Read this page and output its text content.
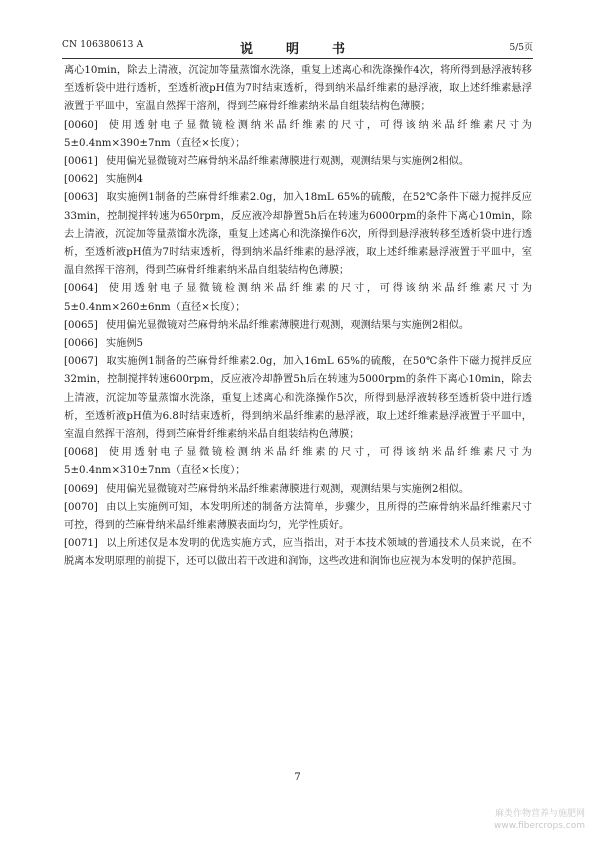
CN 106380613 A	说　明　书	5/5页

离心10min，除去上清液，沉淀加等量蒸馏水洗涤，重复上述离心和洗涤操作4次，将所得到悬浮液转移至透析袋中进行透析，至透析液pH值为7时结束透析，得到纳米晶纤维素的悬浮液，取上述纤维素悬浮液置于平皿中，室温自然挥干溶剂，得到苎麻骨纤维素纳米晶自组装结构色薄膜；

[0060] 使用透射电子显微镜检测纳米晶纤维素的尺寸，可得该纳米晶纤维素尺寸为5±0.4nm×390±7nm（直径×长度）；

[0061] 使用偏光显微镜对苎麻骨纳米晶纤维素薄膜进行观测，观测结果与实施例2相似。

[0062] 实施例4

[0063] 取实施例1制备的苎麻骨纤维素2.0g，加入18mL 65%的硫酸，在52℃条件下磁力搅拌反应33min，控制搅拌转速为650rpm，反应液冷却静置5h后在转速为6000rpm的条件下离心10min，除去上清液，沉淀加等量蒸馏水洗涤，重复上述离心和洗涤操作6次，所得到悬浮液转移至透析袋中进行透析，至透析液pH值为7时结束透析，得到纳米晶纤维素的悬浮液，取上述纤维素悬浮液置于平皿中，室温自然挥干溶剂，得到苎麻骨纤维素纳米晶自组装结构色薄膜；

[0064] 使用透射电子显微镜检测纳米晶纤维素的尺寸，可得该纳米晶纤维素尺寸为5±0.4nm×260±6nm（直径×长度）；

[0065] 使用偏光显微镜对苎麻骨纳米晶纤维素薄膜进行观测，观测结果与实施例2相似。

[0066] 实施例5

[0067] 取实施例1制备的苎麻骨纤维素2.0g，加入16mL 65%的硫酸，在50℃条件下磁力搅拌反应32min，控制搅拌转速600rpm，反应液冷却静置5h后在转速为5000rpm的条件下离心10min，除去上清液，沉淀加等量蒸馏水洗涤，重复上述离心和洗涤操作5次，所得到悬浮液转移至透析袋中进行透析，至透析液pH值为6.8时结束透析，得到纳米晶纤维素的悬浮液，取上述纤维素悬浮液置于平皿中，室温自然挥干溶剂，得到苎麻骨纤维素纳米晶自组装结构色薄膜；

[0068] 使用透射电子显微镜检测纳米晶纤维素的尺寸，可得该纳米晶纤维素尺寸为5±0.4nm×310±7nm（直径×长度）；

[0069] 使用偏光显微镜对苎麻骨纳米晶纤维素薄膜进行观测，观测结果与实施例2相似。

[0070] 由以上实施例可知，本发明所述的制备方法简单，步骤少，且所得的苎麻骨纳米晶纤维素尺寸可控，得到的苎麻骨纳米晶纤维素薄膜表面均匀，光学性质好。

[0071] 以上所述仅是本发明的优选实施方式，应当指出，对于本技术领域的普通技术人员来说，在不脱离本发明原理的前提下，还可以做出若干改进和润饰，这些改进和润饰也应视为本发明的保护范围。

7
麻类作物营养与施肥网
www.fibercrops.com
